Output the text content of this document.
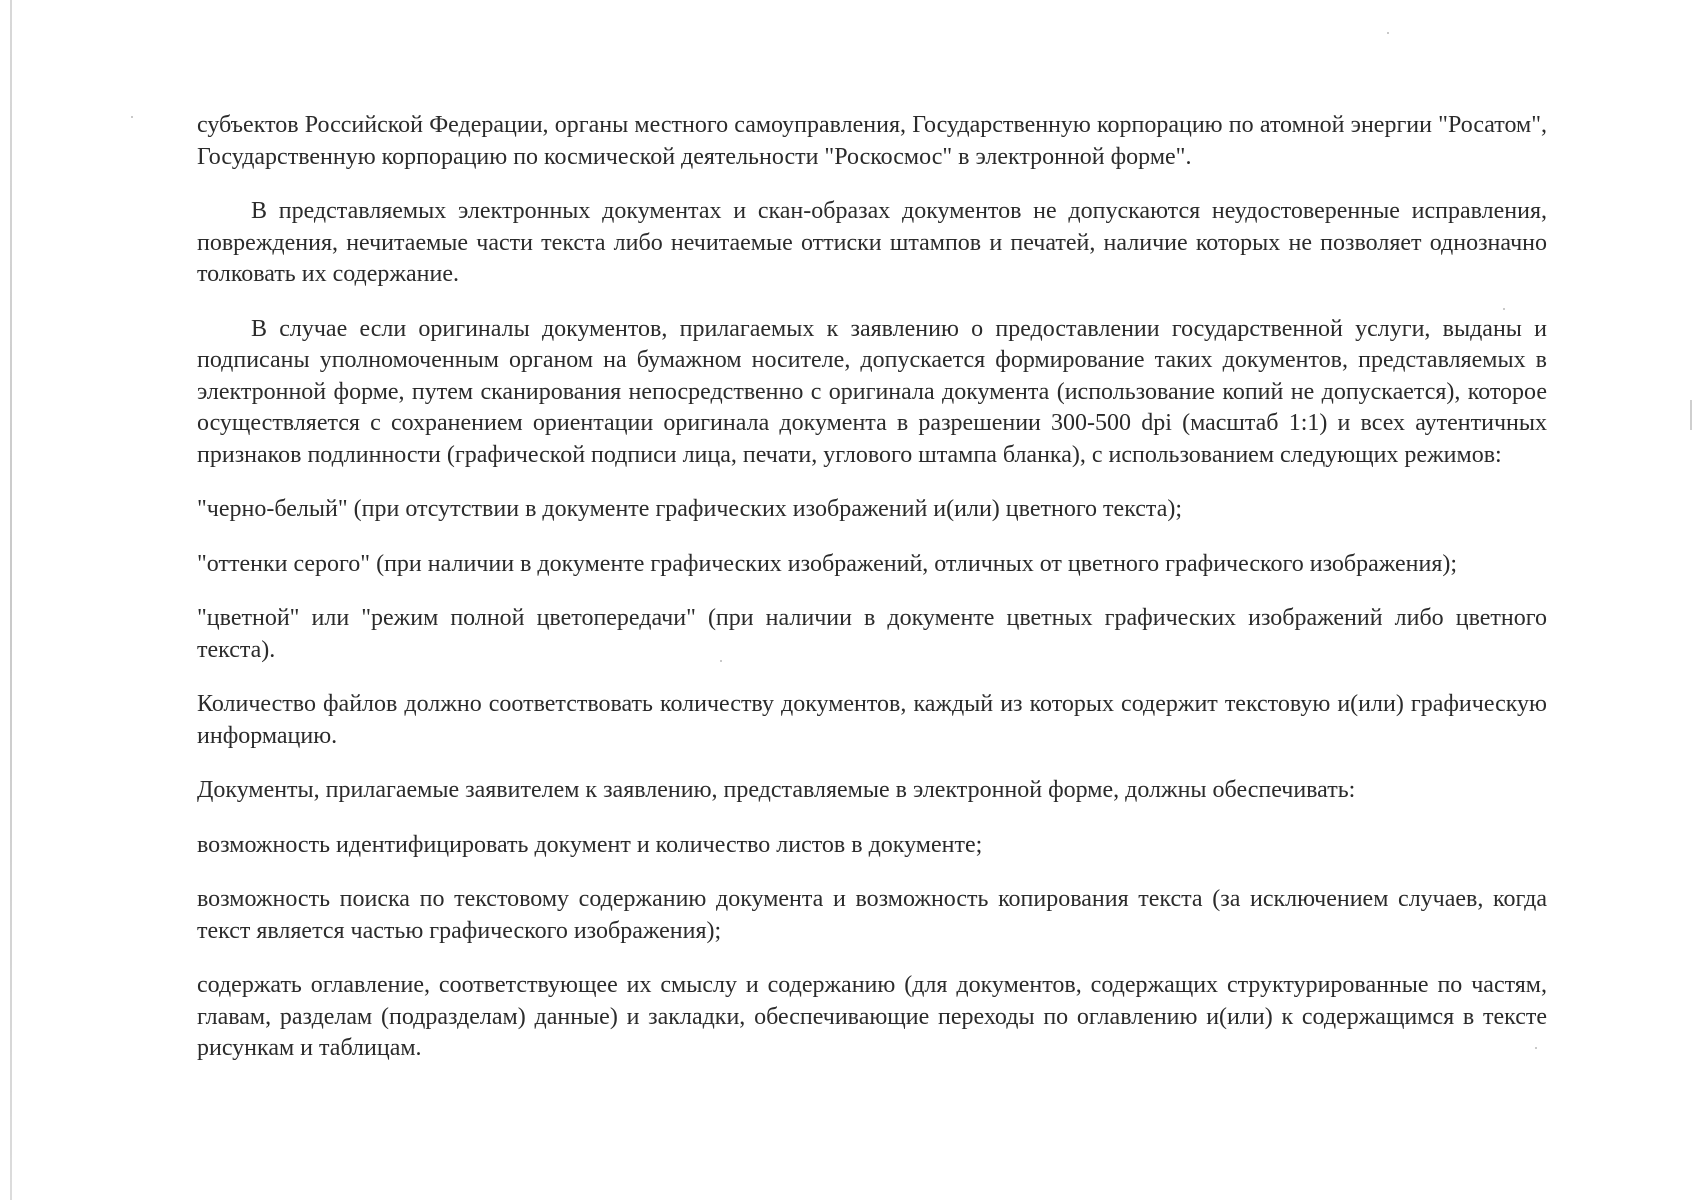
субъектов Российской Федерации, органы местного самоуправления, Государственную корпорацию по атомной энергии "Росатом", Государственную корпорацию по космической деятельности "Роскосмос" в электронной форме".

В представляемых электронных документах и скан-образах документов не допускаются неудостоверенные исправления, повреждения, нечитаемые части текста либо нечитаемые оттиски штампов и печатей, наличие которых не позволяет однозначно толковать их содержание.

В случае если оригиналы документов, прилагаемых к заявлению о предоставлении государственной услуги, выданы и подписаны уполномоченным органом на бумажном носителе, допускается формирование таких документов, представляемых в электронной форме, путем сканирования непосредственно с оригинала документа (использование копий не допускается), которое осуществляется с сохранением ориентации оригинала документа в разрешении 300-500 dpi (масштаб 1:1) и всех аутентичных признаков подлинности (графической подписи лица, печати, углового штампа бланка), с использованием следующих режимов:

"черно-белый" (при отсутствии в документе графических изображений и(или) цветного текста);

"оттенки серого" (при наличии в документе графических изображений, отличных от цветного графического изображения);

"цветной" или "режим полной цветопередачи" (при наличии в документе цветных графических изображений либо цветного текста).

Количество файлов должно соответствовать количеству документов, каждый из которых содержит текстовую и(или) графическую информацию.

Документы, прилагаемые заявителем к заявлению, представляемые в электронной форме, должны обеспечивать:

возможность идентифицировать документ и количество листов в документе;

возможность поиска по текстовому содержанию документа и возможность копирования текста (за исключением случаев, когда текст является частью графического изображения);

содержать оглавление, соответствующее их смыслу и содержанию (для документов, содержащих структурированные по частям, главам, разделам (подразделам) данные) и закладки, обеспечивающие переходы по оглавлению и(или) к содержащимся в тексте рисункам и таблицам.
